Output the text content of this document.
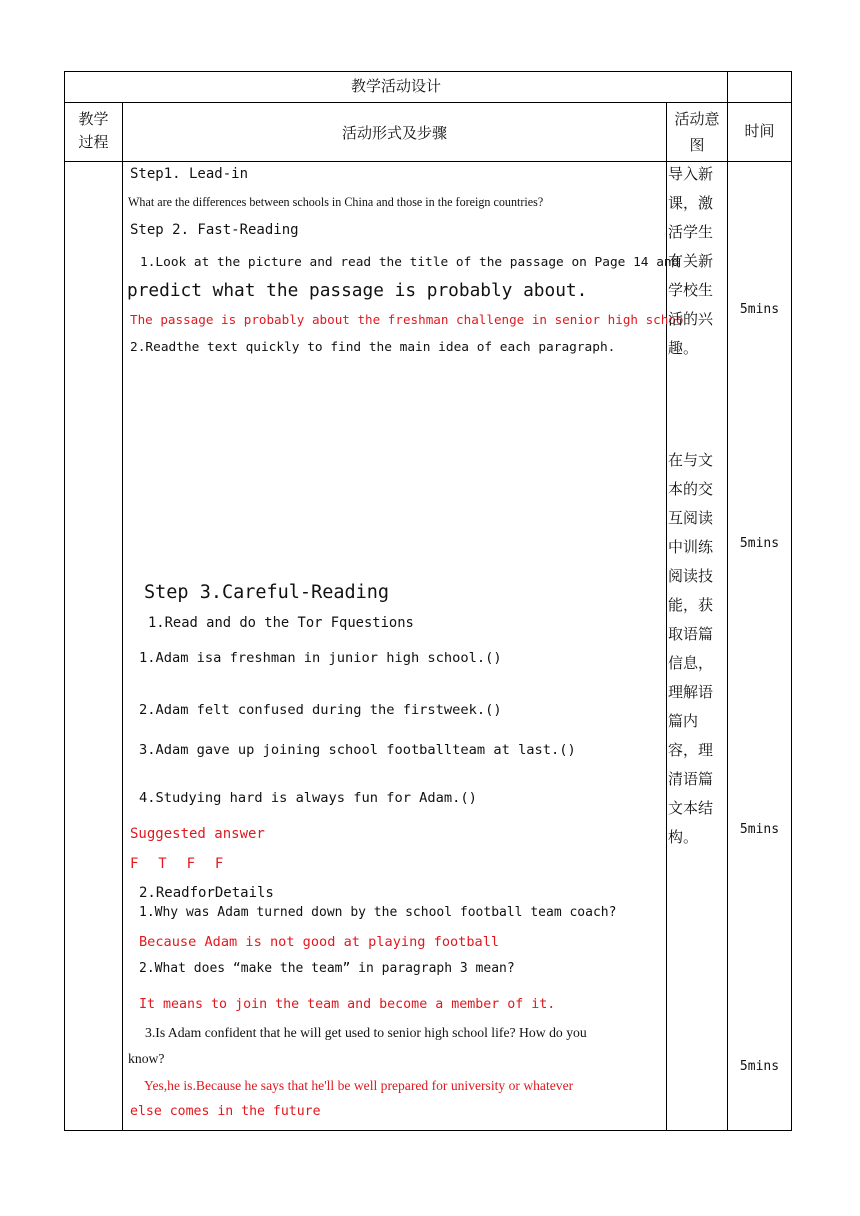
教学活动设计
教学
过程	活动形式及步骤
活动意
图
时间
Step1. Lead-in
What are the differences between schools in China and those in the foreign countries?
Step 2. Fast-Reading
1.Look at the picture and read the title of the passage on Page 14 and
predict what the passage is probably about.
The passage is probably about the freshman challenge in senior high schoo
2.Readthe text quickly to find the main idea of each paragraph.
Step 3.Careful-Reading
1.Read and do the Tor Fquestions
1.Adam isa freshman in junior high school.()
2.Adam felt confused during the firstweek.()
3.Adam gave up joining school footballteam at last.()
4.Studying hard is always fun for Adam.()
Suggested answer
F  T  F  F
2.ReadforDetails
1.Why was Adam turned down by the school football team coach?
Because Adam is not good at playing football
2.What does “make the team” in paragraph 3 mean?
It means to join the team and become a member of it.
3.Is Adam confident that he will get used to senior high school life? How do you
know?
Yes,he is.Because he says that he'll be well prepared for university or whatever
else comes in the future
导入新课，激活学生有关新学校生活的兴趣。
在与文本的交互阅读中训练阅读技能，获取语篇信息，理解语篇内容，理清语篇文本结构。
5mins
5mins
5mins
5mins
